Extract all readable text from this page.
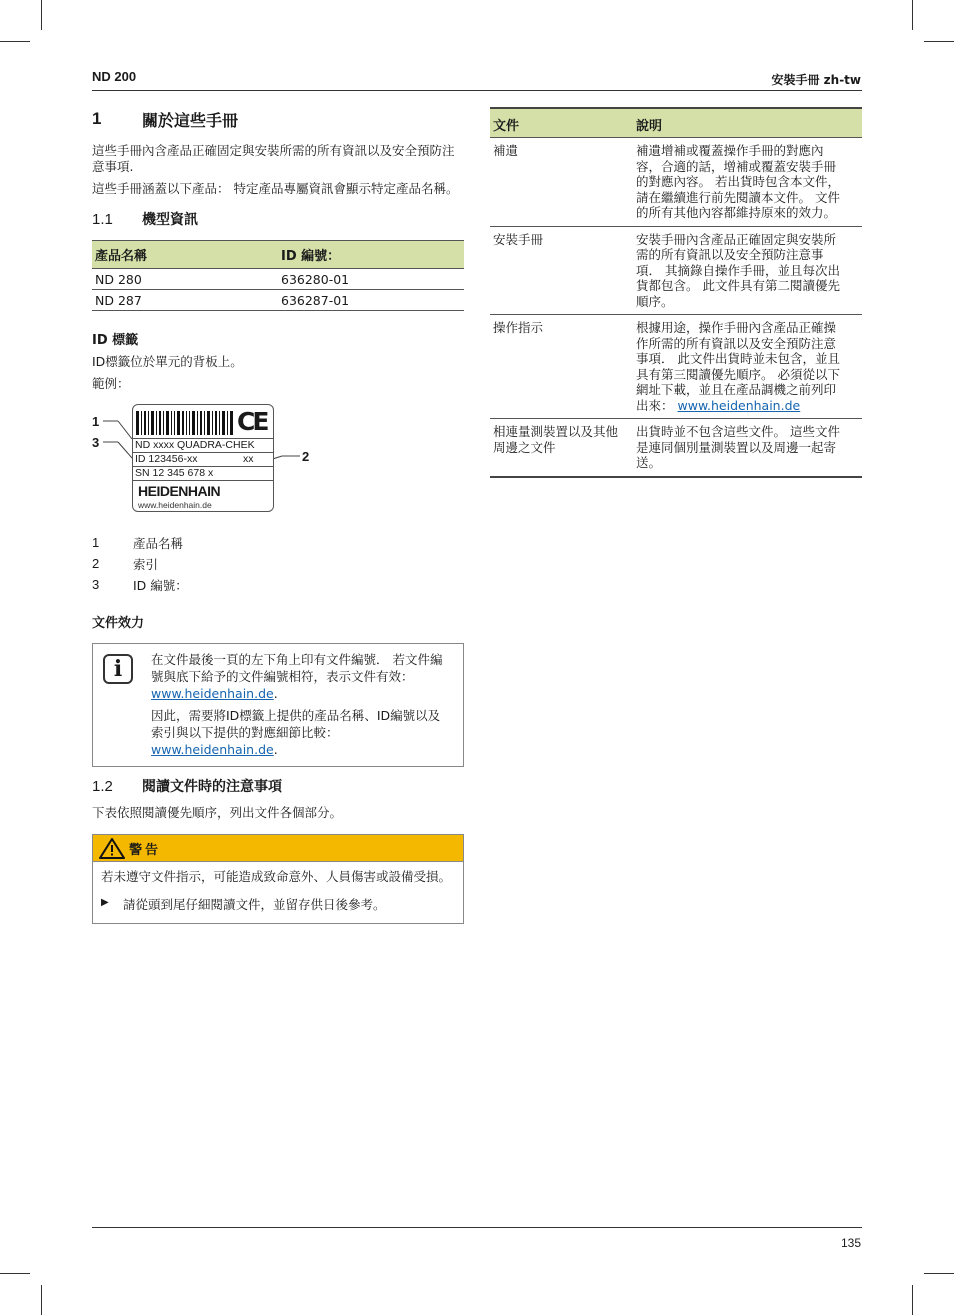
ND 200	安裝手冊 zh-tw
135
1	關於這些手冊

這些手冊內含產品正確固定與安裝所需的所有資訊以及安全預防注意事項.

這些手冊涵蓋以下產品： 特定產品專屬資訊會顯示特定產品名稱。

1.1	機型資訊
產品名稱	ID 編號：
ND 280	636280-01
ND 287	636287-01
ID 標籤

ID標籤位於單元的背板上。

範例：

1
3
2
CE
ND xxxx QUADRA-CHEK
ID 123456-xx	xx
SN 12 345 678 x
HEIDENHAIN
www.heidenhain.de
1	產品名稱
2	索引
3	ID 編號：
文件效力
i	在文件最後一頁的左下角上印有文件編號． 若文件編號與底下給予的文件編號相符，表示文件有效： www.heidenhain.de.

因此，需要將ID標籤上提供的產品名稱、ID編號以及索引與以下提供的對應細節比較：
www.heidenhain.de.

1.2	閱讀文件時的注意事項

下表依照閱讀優先順序，列出文件各個部分。

警告

若未遵守文件指示，可能造成致命意外、人員傷害或設備受損。

▶	請從頭到尾仔細閱讀文件，並留存供日後參考。
文件	說明
補遺	補遺增補或覆蓋操作手冊的對應內容，合適的話，增補或覆蓋安裝手冊的對應內容。 若出貨時包含本文件，請在繼續進行前先閱讀本文件。 文件的所有其他內容都維持原來的效力。
安裝手冊	安裝手冊內含產品正確固定與安裝所需的所有資訊以及安全預防注意事項． 其摘錄自操作手冊，並且每次出貨都包含。 此文件具有第二閱讀優先順序。
操作指示	根據用途，操作手冊內含產品正確操作所需的所有資訊以及安全預防注意事項． 此文件出貨時並未包含，並且具有第三閱讀優先順序。 必須從以下網址下載，並且在產品調機之前列印出來： www.heidenhain.de
相連量測裝置以及其他周邊之文件	出貨時並不包含這些文件。 這些文件是連同個別量測裝置以及周邊一起寄送。
